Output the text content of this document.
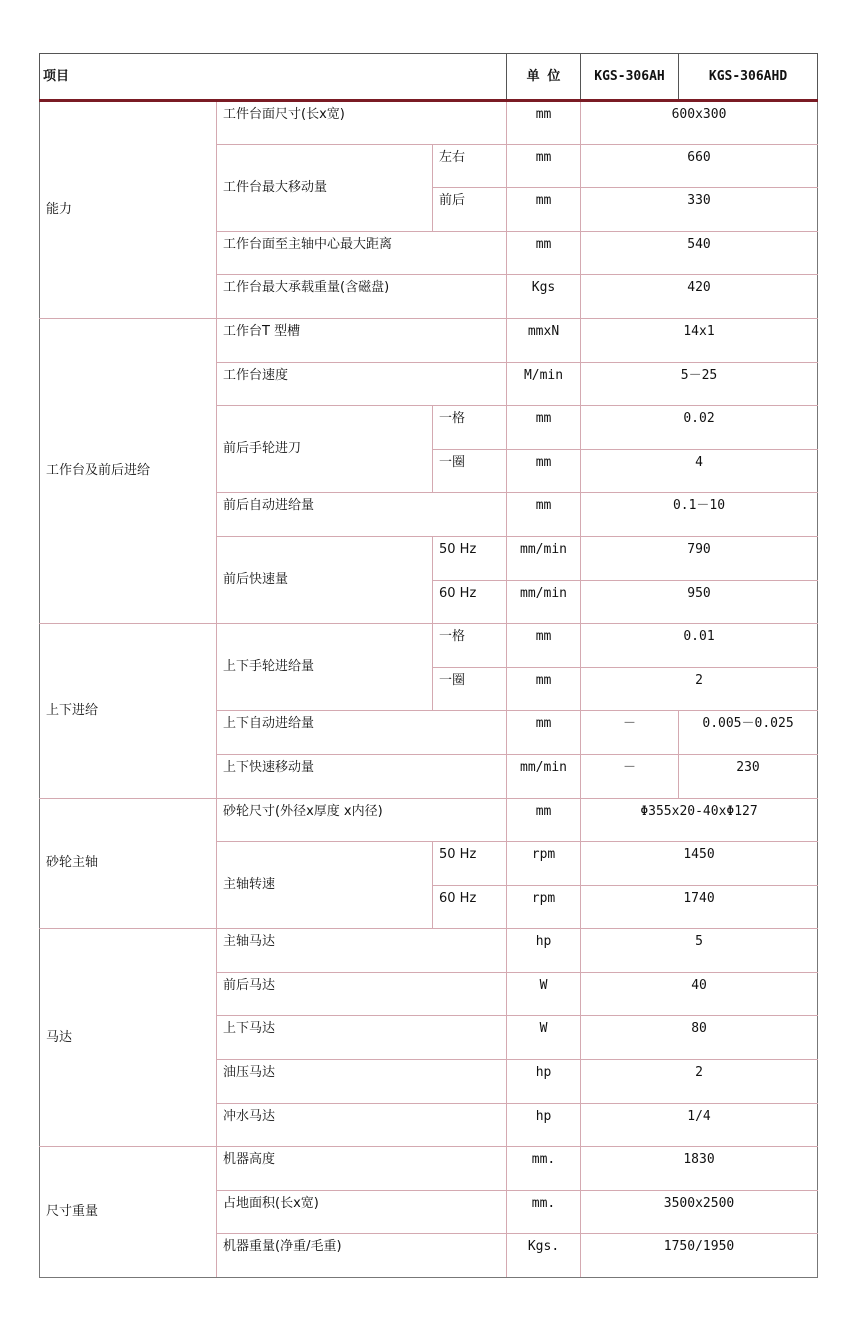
项目			单 位	KGS-306AH	KGS-306AHD
能力	工件台面尺寸(长x宽)		mm	600x300	
	工件台最大移动量	左右	mm	660	
		前后	mm	330	
	工作台面至主轴中心最大距离		mm	540	
	工作台最大承载重量(含磁盘)		Kgs	420	
工作台及前后进给	工作台T 型槽		mmxN	14x1	
	工作台速度		M/min	5－25	
	前后手轮进刀	一格	mm	0.02	
		一圈	mm	4	
	前后自动进给量		mm	0.1－10	
	前后快速量	50 Hz	mm/min	790	
		60 Hz	mm/min	950	
上下进给	上下手轮进给量	一格	mm	0.01	
		一圈	mm	2	
	上下自动进给量		mm	－	0.005－0.025
	上下快速移动量		mm/min	－	230
砂轮主轴	砂轮尺寸(外径x厚度 x内径)		mm	Φ355x20-40xΦ127	
	主轴转速	50 Hz	rpm	1450	
		60 Hz	rpm	1740	
马达	主轴马达		hp	5	
	前后马达		W	40	
	上下马达		W	80	
	油压马达		hp	2	
	冲水马达		hp	1/4	
尺寸重量	机器高度		mm.	1830	
	占地面积(长x宽)		mm.	3500x2500	
	机器重量(净重/毛重)		Kgs.	1750/1950	
